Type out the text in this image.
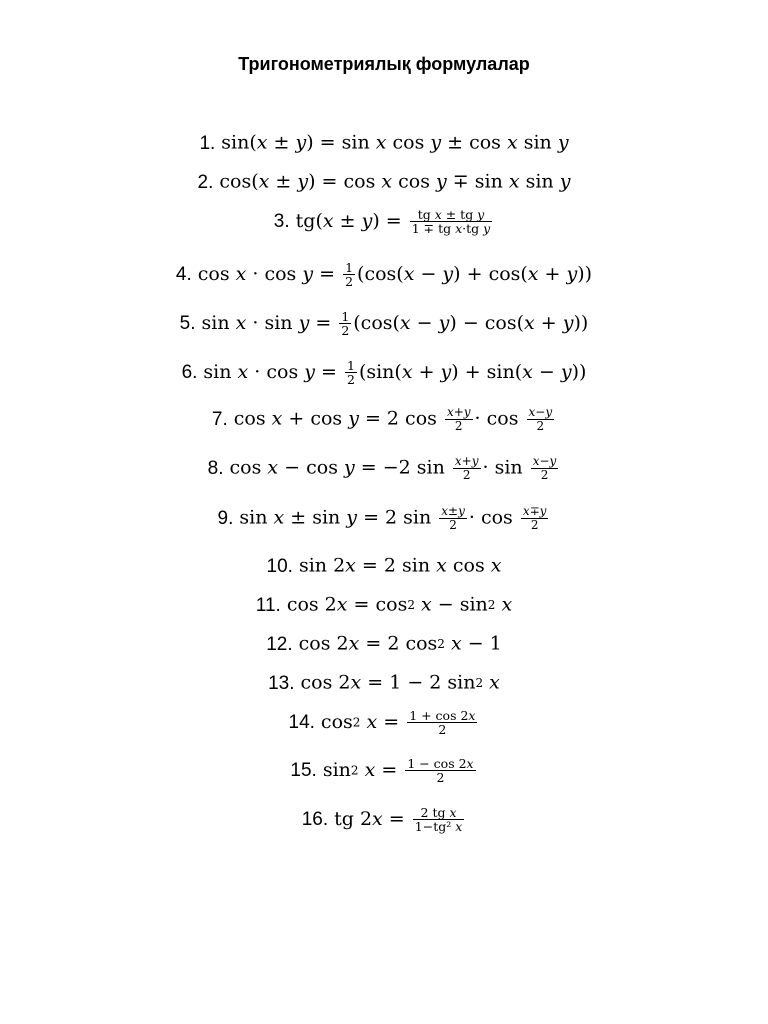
Тригонометриялық формулалар
1. sin(𝑥 ± 𝑦) = sin 𝑥 cos 𝑦 ± cos 𝑥 sin 𝑦
2. cos(𝑥 ± 𝑦) = cos 𝑥 cos 𝑦 ∓ sin 𝑥 sin 𝑦
3. tg(𝑥 ± 𝑦) = $\frac{\text{tg 𝑥 ± tg 𝑦}}{\text{1 ∓ tg 𝑥·tg 𝑦}}$
4. cos 𝑥 · cos 𝑦 = $\frac{1}{2}$ (cos(𝑥 − 𝑦) + cos(𝑥 + 𝑦))
5. sin 𝑥 · sin 𝑦 = $\frac{1}{2}$ (cos(𝑥 − 𝑦) − cos(𝑥 + 𝑦))
6. sin 𝑥 · cos 𝑦 = $\frac{1}{2}$ (sin(𝑥 + 𝑦) + sin(𝑥 − 𝑦))
7. cos 𝑥 + cos 𝑦 = 2 $\cos \frac{\text{𝑥+𝑦}}{2} \cdot \cos \frac{\text{𝑥−𝑦}}{2}$
8. cos 𝑥 − cos 𝑦 = −2 $\sin \frac{\text{𝑥+𝑦}}{2} \cdot \sin \frac{\text{𝑥−𝑦}}{2}$
9. sin 𝑥 ± sin 𝑦 = 2 $\sin \frac{\text{𝑥±𝑦}}{2} \cdot \cos \frac{\text{𝑥∓𝑦}}{2}$
10. sin 2𝑥 = 2 sin 𝑥 cos 𝑥
11. cos 2𝑥 = cos2 𝑥 − sin2 𝑥
12. cos 2𝑥 = 2 cos2 𝑥 − 1
13. cos 2𝑥 = 1 − 2 sin2 𝑥
14. cos2 𝑥 = $\frac{\text{1 + cos 2𝑥}}{2}$
15. sin2 𝑥 = $\frac{\text{1 − cos 2𝑥}}{2}$
16. tg 2𝑥 = $\frac{\text{2 tg 𝑥}}{\text{1−tg² 𝑥}}$
